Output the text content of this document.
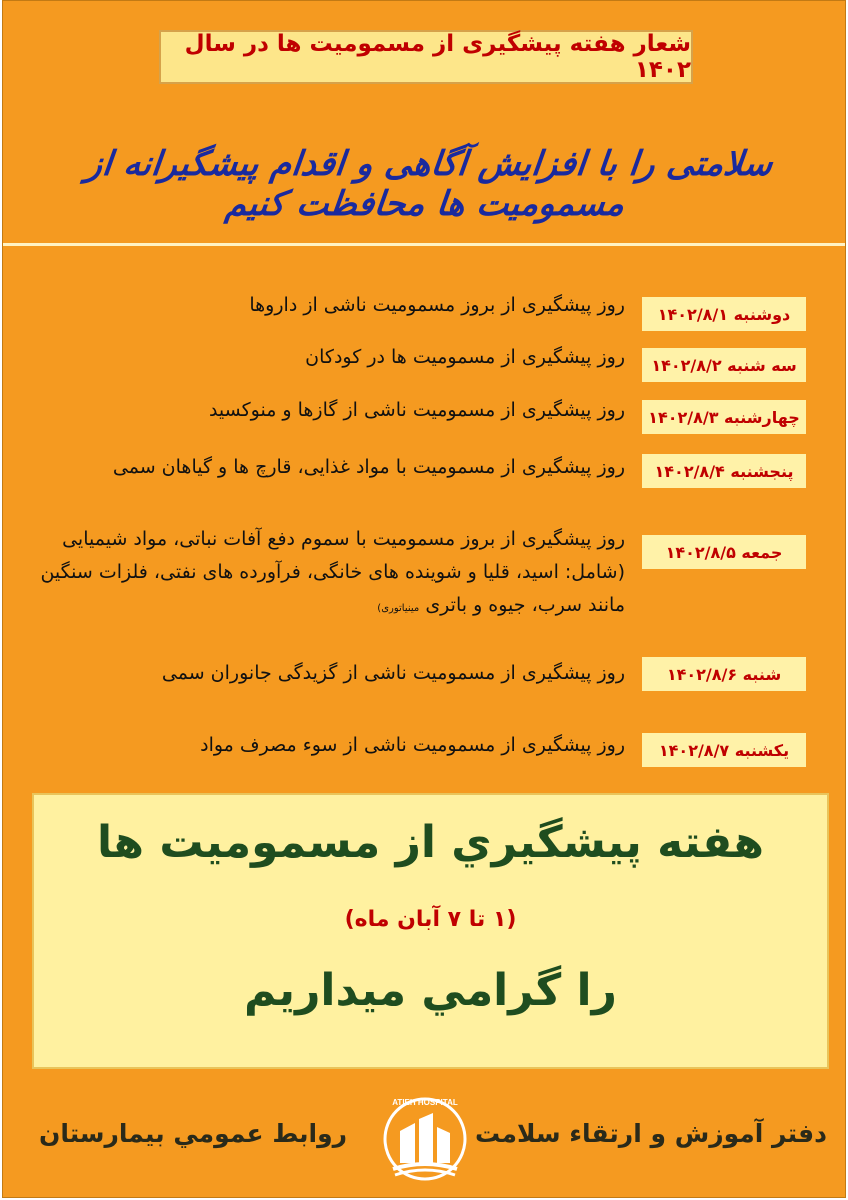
شعار هفته پیشگیری از مسمومیت ها در سال ۱۴۰۲
سلامتی را با افزایش آگاهی و اقدام پیشگیرانه از مسمومیت ها محافظت کنیم
دوشنبه ۱۴۰۲/۸/۱
روز پیشگیری از بروز مسمومیت ناشی از داروها
سه شنبه ۱۴۰۲/۸/۲
روز پیشگیری از مسمومیت ها در کودکان
چهارشنبه ۱۴۰۲/۸/۳
روز پیشگیری از مسمومیت ناشی از گازها و منوکسید
پنجشنبه ۱۴۰۲/۸/۴
روز پیشگیری از مسمومیت با مواد غذایی، قارچ ها و گیاهان سمی
جمعه ۱۴۰۲/۸/۵
روز پیشگیری از بروز مسمومیت با سموم دفع آفات نباتی، مواد شیمیایی (شامل: اسید، قلیا و شوینده های خانگی، فرآورده های نفتی، فلزات سنگین مانند سرب، جیوه و باتری مینیاتوری)
شنبه ۱۴۰۲/۸/۶
روز پیشگیری از مسمومیت ناشی از گزیدگی جانوران سمی
یکشنبه ۱۴۰۲/۸/۷
روز پیشگیری از مسمومیت ناشی از سوء مصرف مواد
هفته پيشگيري از مسموميت ها
(۱ تا ۷ آبان ماه)
را گرامي ميداريم
دفتر آموزش و ارتقاء سلامت
ATIEH HOSPITAL
روابط عمومي بيمارستان
